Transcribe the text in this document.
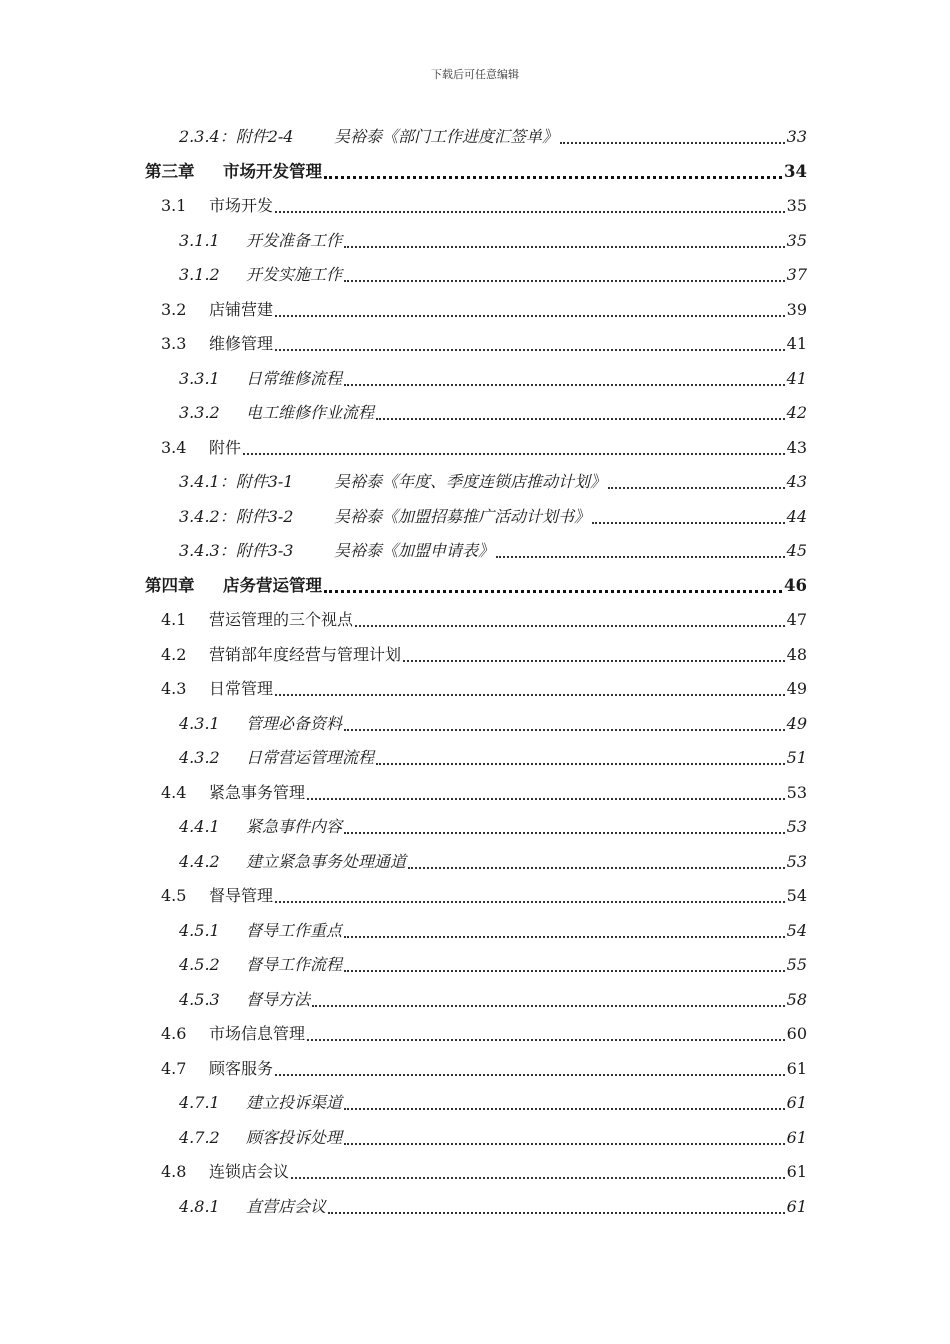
下载后可任意编辑
2.3.4：附件2-4	吴裕泰《部门工作进度汇签单》	33
第三章	市场开发管理	34
3.1	市场开发	35
3.1.1	开发准备工作	35
3.1.2	开发实施工作	37
3.2	店铺营建	39
3.3	维修管理	41
3.3.1	日常维修流程	41
3.3.2	电工维修作业流程	42
3.4	附件	43
3.4.1：附件3-1	吴裕泰《年度、季度连锁店推动计划》	43
3.4.2：附件3-2	吴裕泰《加盟招募推广活动计划书》	44
3.4.3：附件3-3	吴裕泰《加盟申请表》	45
第四章	店务营运管理	46
4.1	营运管理的三个视点	47
4.2	营销部年度经营与管理计划	48
4.3	日常管理	49
4.3.1	管理必备资料	49
4.3.2	日常营运管理流程	51
4.4	紧急事务管理	53
4.4.1	紧急事件内容	53
4.4.2	建立紧急事务处理通道	53
4.5	督导管理	54
4.5.1	督导工作重点	54
4.5.2	督导工作流程	55
4.5.3	督导方法	58
4.6	市场信息管理	60
4.7	顾客服务	61
4.7.1	建立投诉渠道	61
4.7.2	顾客投诉处理	61
4.8	连锁店会议	61
4.8.1	直营店会议	61
